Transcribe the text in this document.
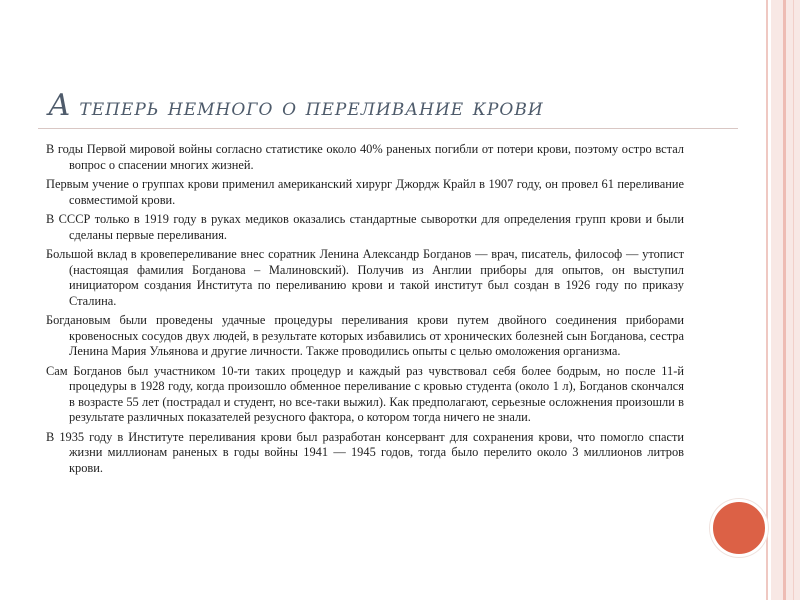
А теперь немного о переливание крови

В годы Первой мировой войны согласно статистике около 40% раненых погибли от потери крови, поэтому остро встал вопрос о спасении многих жизней.

Первым учение о группах крови применил американский хирург Джордж Крайл в 1907 году, он провел 61 переливание совместимой крови.

В СССР только в 1919 году в руках медиков оказались стандартные сыворотки для определения групп крови и были сделаны первые переливания.

Большой вклад в кровепереливание внес соратник Ленина Александр Богданов — врач, писатель, философ — утопист (настоящая фамилия Богданова – Малиновский). Получив из Англии приборы для опытов, он выступил инициатором создания Института по переливанию крови и такой институт был создан в 1926 году по приказу Сталина.

Богдановым были проведены удачные процедуры переливания крови путем двойного соединения приборами кровеносных сосудов двух людей, в результате которых избавились от хронических болезней сын Богданова, сестра Ленина Мария Ульянова и другие личности. Также проводились опыты с целью омоложения организма.

Сам Богданов был участником 10-ти таких процедур и каждый раз чувствовал себя более бодрым, но после 11-й процедуры в 1928 году, когда произошло обменное переливание с кровью студента (около 1 л), Богданов скончался в возрасте 55 лет (пострадал и студент, но все-таки выжил). Как предполагают, серьезные осложнения произошли в результате различных показателей резусного фактора, о котором тогда ничего не знали.

В 1935 году в Институте переливания крови был разработан консервант для сохранения крови, что помогло спасти жизни миллионам раненых в годы войны 1941 — 1945 годов, тогда было перелито около 3 миллионов литров крови.
